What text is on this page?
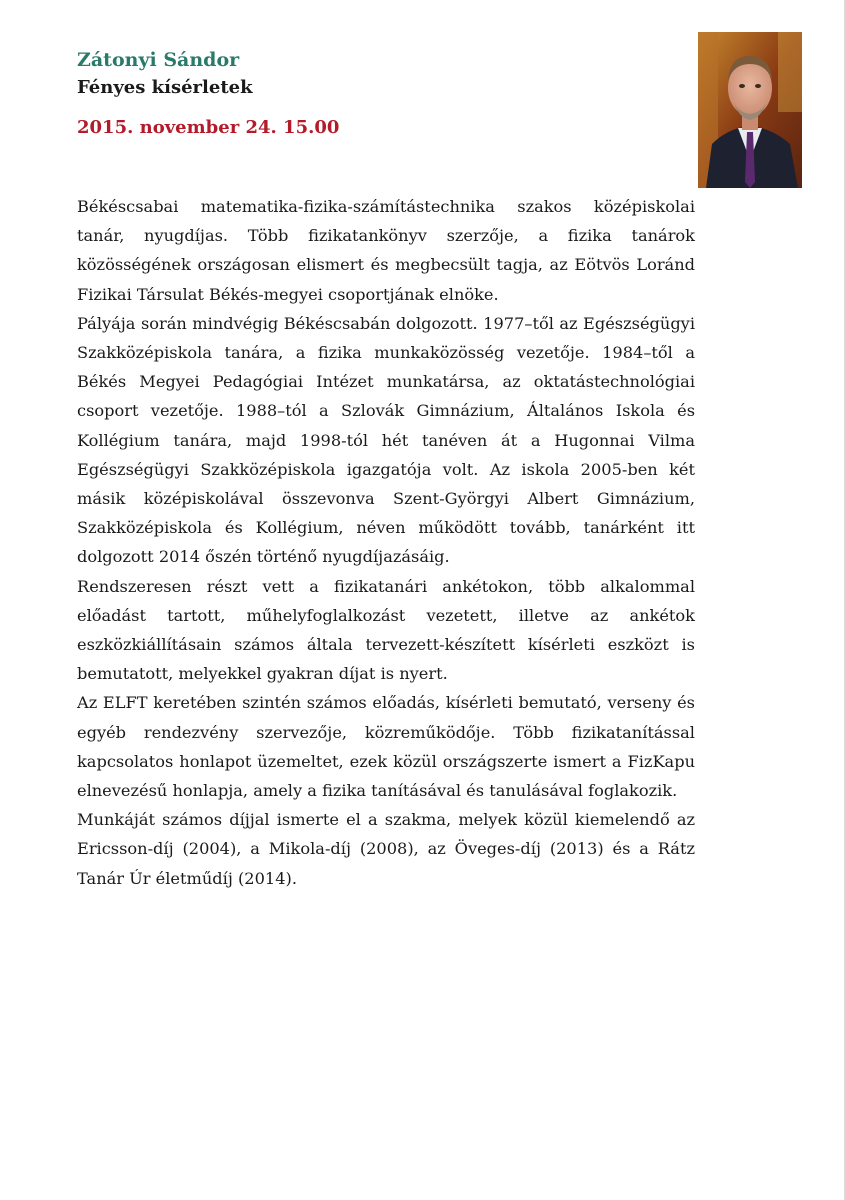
Zátonyi Sándor

Fényes kísérletek

2015. november 24. 15.00

Békéscsabai matematika-fizika-számítástechnika szakos középiskolai tanár, nyugdíjas. Több fizikatankönyv szerzője, a fizika tanárok közösségének országosan elismert és megbecsült tagja, az Eötvös Loránd Fizikai Társulat Békés-megyei csoportjának elnöke.

Pályája során mindvégig Békéscsabán dolgozott. 1977–től az Egészségügyi Szakközépiskola tanára, a fizika munkaközösség vezetője. 1984–től a Békés Megyei Pedagógiai Intézet munkatársa, az oktatástechnológiai csoport vezetője. 1988–tól a Szlovák Gimnázium, Általános Iskola és Kollégium tanára, majd 1998-tól hét tanéven át a Hugonnai Vilma Egészségügyi Szakközépiskola igazgatója volt. Az iskola 2005-ben két másik középiskolával összevonva Szent-Györgyi Albert Gimnázium, Szakközépiskola és Kollégium, néven működött tovább, tanárként itt dolgozott 2014 őszén történő nyugdíjazásáig.

Rendszeresen részt vett a fizikatanári ankétokon, több alkalommal előadást tartott, műhelyfoglalkozást vezetett, illetve az ankétok eszközkiállításain számos általa tervezett-készített kísérleti eszközt is bemutatott, melyekkel gyakran díjat is nyert.

Az ELFT keretében szintén számos előadás, kísérleti bemutató, verseny és egyéb rendezvény szervezője, közreműködője. Több fizikatanítással kapcsolatos honlapot üzemeltet, ezek közül országszerte ismert a FizKapu elnevezésű honlapja, amely a fizika tanításával és tanulásával foglakozik.

Munkáját számos díjjal ismerte el a szakma, melyek közül kiemelendő az Ericsson-díj (2004), a Mikola-díj (2008), az Öveges-díj (2013) és a Rátz Tanár Úr életműdíj (2014).
